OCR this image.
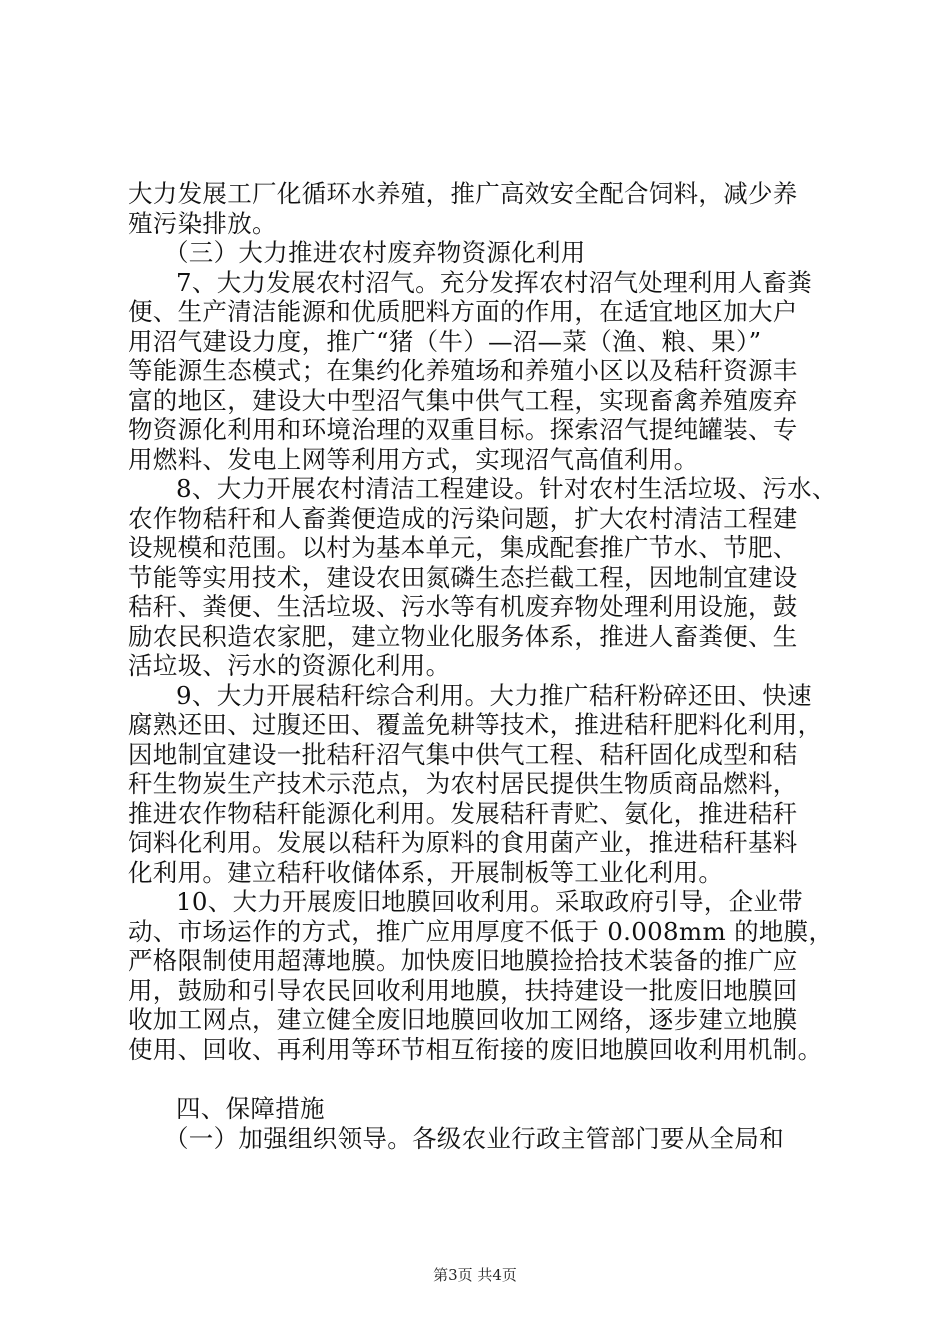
大力发展工厂化循环水养殖，推广高效安全配合饲料，减少养
殖污染排放。
（三）大力推进农村废弃物资源化利用
7、大力发展农村沼气。充分发挥农村沼气处理利用人畜粪
便、生产清洁能源和优质肥料方面的作用，在适宜地区加大户
用沼气建设力度，推广“猪（牛）—沼—菜（渔、粮、果）”
等能源生态模式；在集约化养殖场和养殖小区以及秸秆资源丰
富的地区，建设大中型沼气集中供气工程，实现畜禽养殖废弃
物资源化利用和环境治理的双重目标。探索沼气提纯罐装、专
用燃料、发电上网等利用方式，实现沼气高值利用。
8、大力开展农村清洁工程建设。针对农村生活垃圾、污水、
农作物秸秆和人畜粪便造成的污染问题，扩大农村清洁工程建
设规模和范围。以村为基本单元，集成配套推广节水、节肥、
节能等实用技术，建设农田氮磷生态拦截工程，因地制宜建设
秸秆、粪便、生活垃圾、污水等有机废弃物处理利用设施，鼓
励农民积造农家肥，建立物业化服务体系，推进人畜粪便、生
活垃圾、污水的资源化利用。
9、大力开展秸秆综合利用。大力推广秸秆粉碎还田、快速
腐熟还田、过腹还田、覆盖免耕等技术，推进秸秆肥料化利用，
因地制宜建设一批秸秆沼气集中供气工程、秸秆固化成型和秸
秆生物炭生产技术示范点，为农村居民提供生物质商品燃料，
推进农作物秸秆能源化利用。发展秸秆青贮、氨化，推进秸秆
饲料化利用。发展以秸秆为原料的食用菌产业，推进秸秆基料
化利用。建立秸秆收储体系，开展制板等工业化利用。
10、大力开展废旧地膜回收利用。采取政府引导，企业带
动、市场运作的方式，推广应用厚度不低于 0.008mm 的地膜，
严格限制使用超薄地膜。加快废旧地膜捡拾技术装备的推广应
用，鼓励和引导农民回收利用地膜，扶持建设一批废旧地膜回
收加工网点，建立健全废旧地膜回收加工网络，逐步建立地膜
使用、回收、再利用等环节相互衔接的废旧地膜回收利用机制。
四、保障措施
（一）加强组织领导。各级农业行政主管部门要从全局和
第3页 共4页
